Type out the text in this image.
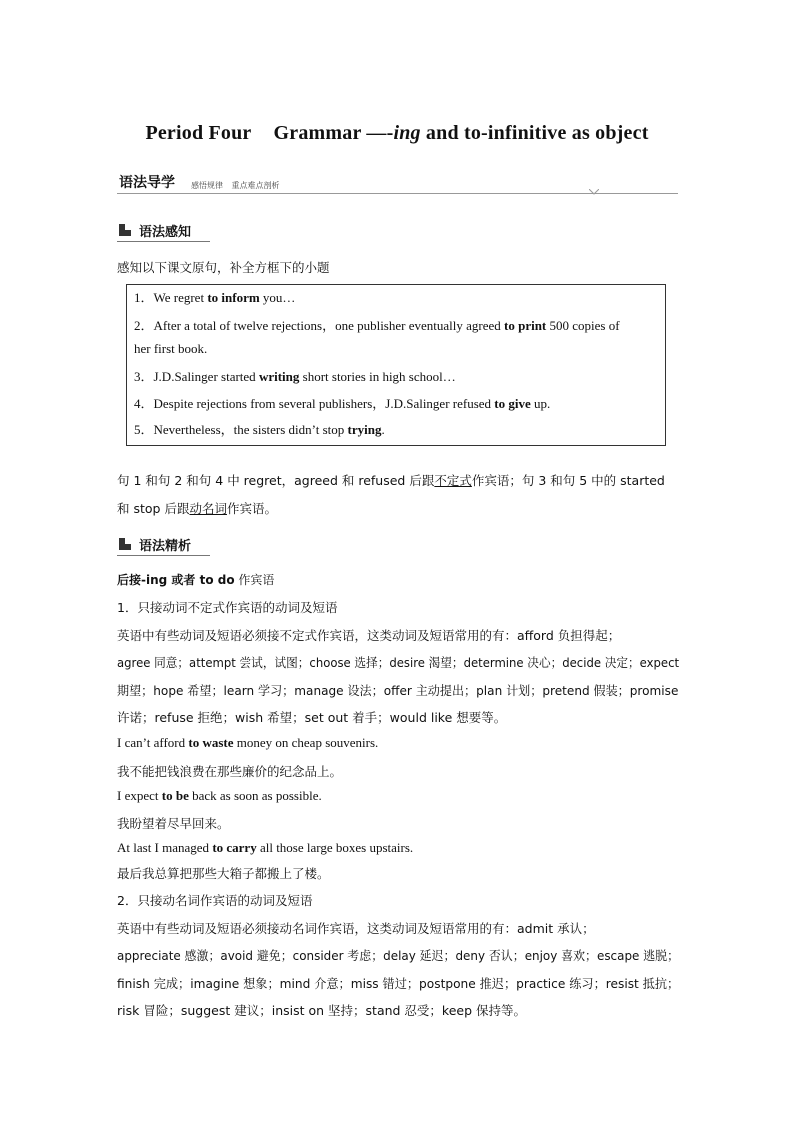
Period Four Grammar —-ing and to-infinitive as object
语法导学 感悟规律 重点难点剖析
语法感知
感知以下课文原句，补全方框下的小题
1．We regret to inform you…
2．After a total of twelve rejections，one publisher eventually agreed to print 500 copies of
her first book.
3．J.D.Salinger started writing short stories in high school…
4．Despite rejections from several publishers，J.D.Salinger refused to give up.
5．Nevertheless，the sisters didn’t stop trying.
句 1 和句 2 和句 4 中 regret，agreed 和 refused 后跟不定式作宾语；句 3 和句 5 中的 started
和 stop 后跟动名词作宾语。
语法精析
后接-ing 或者 to do 作宾语
1．只接动词不定式作宾语的动词及短语
英语中有些动词及短语必须接不定式作宾语，这类动词及短语常用的有：afford 负担得起；
agree 同意；attempt 尝试，试图；choose 选择；desire 渴望；determine 决心；decide 决定；expect
期望；hope 希望；learn 学习；manage 设法；offer 主动提出；plan 计划；pretend 假装；promise
许诺；refuse 拒绝；wish 希望；set out 着手；would like 想要等。
I can’t afford to waste money on cheap souvenirs.
我不能把钱浪费在那些廉价的纪念品上。
I expect to be back as soon as possible.
我盼望着尽早回来。
At last I managed to carry all those large boxes upstairs.
最后我总算把那些大箱子都搬上了楼。
2．只接动名词作宾语的动词及短语
英语中有些动词及短语必须接动名词作宾语，这类动词及短语常用的有：admit 承认；
appreciate 感激；avoid 避免；consider 考虑；delay 延迟；deny 否认；enjoy 喜欢；escape 逃脱；
finish 完成；imagine 想象；mind 介意；miss 错过；postpone 推迟；practice 练习；resist 抵抗；
risk 冒险；suggest 建议；insist on 坚持；stand 忍受；keep 保持等。
